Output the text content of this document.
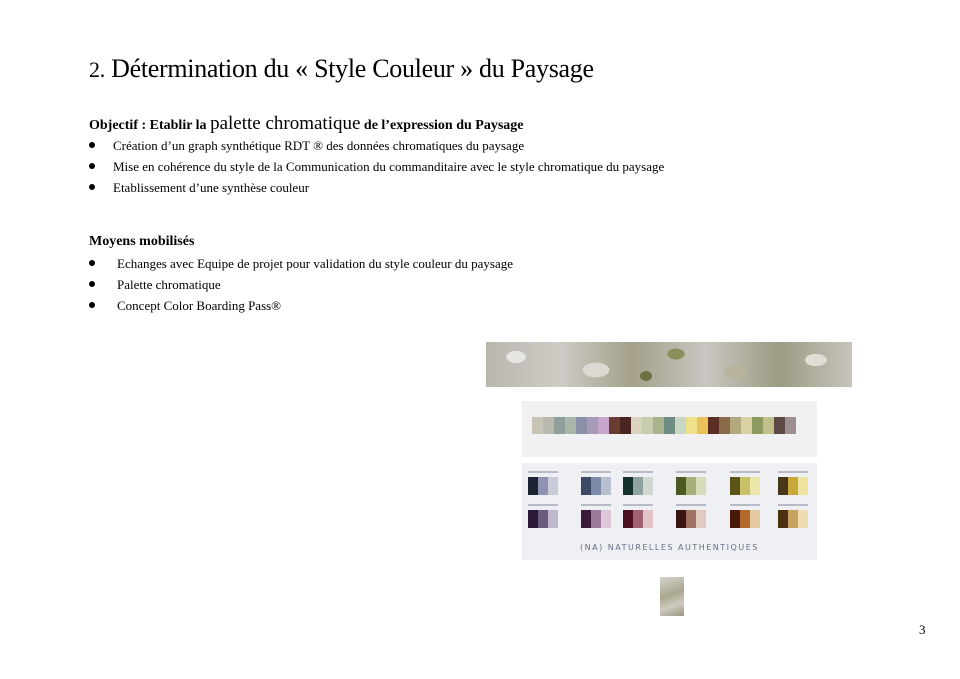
2. Détermination du « Style Couleur » du Paysage

Objectif : Etablir la palette chromatique de l’expression du Paysage

Création d’un graph synthétique RDT ® des données chromatiques du paysage
Mise en cohérence du style de la Communication du commanditaire avec le style chromatique du paysage
Etablissement d’une synthèse couleur

Moyens mobilisés

Echanges avec Equipe de projet pour validation du style couleur du paysage
Palette chromatique
Concept Color Boarding Pass®
(NA) NATURELLES AUTHENTIQUES
3
